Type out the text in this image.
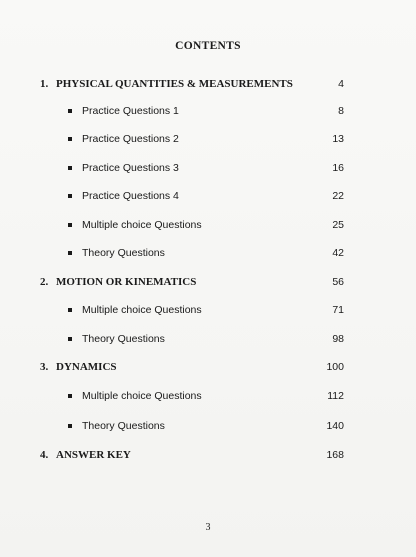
CONTENTS
1. PHYSICAL QUANTITIES & MEASUREMENTS	4
Practice Questions 1	8
Practice Questions 2	13
Practice Questions 3	16
Practice Questions 4	22
Multiple choice Questions	25
Theory Questions	42
2. MOTION OR KINEMATICS	56
Multiple choice Questions	71
Theory Questions	98
3. DYNAMICS	100
Multiple choice Questions	112
Theory Questions	140
4. ANSWER KEY	168
3
